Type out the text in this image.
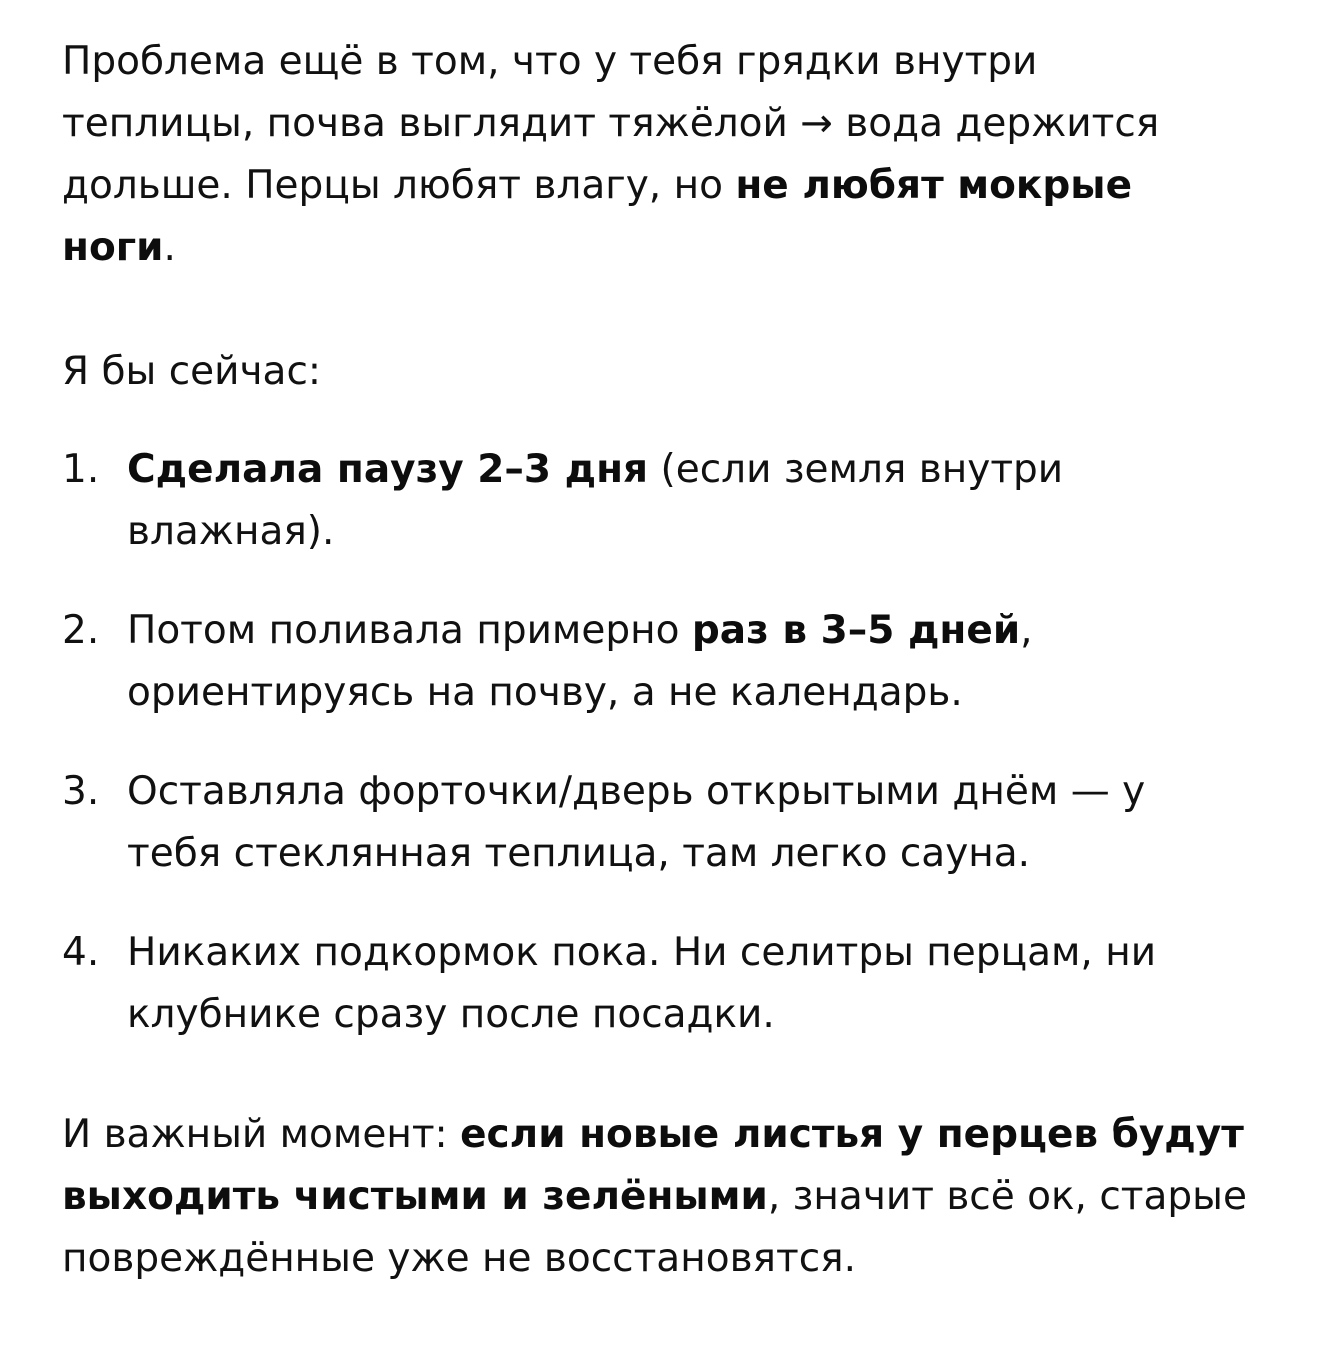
Проблема ещё в том, что у тебя грядки внутри теплицы, почва выглядит тяжёлой → вода держится дольше. Перцы любят влагу, но не любят мокрые ноги.

Я бы сейчас:

1. Сделала паузу 2–3 дня (если земля внутри влажная).
2. Потом поливала примерно раз в 3–5 дней, ориентируясь на почву, а не календарь.
3. Оставляла форточки/дверь открытыми днём — у тебя стеклянная теплица, там легко сауна.
4. Никаких подкормок пока. Ни селитры перцам, ни клубнике сразу после посадки.

И важный момент: если новые листья у перцев будут выходить чистыми и зелёными, значит всё ок, старые повреждённые уже не восстановятся.
